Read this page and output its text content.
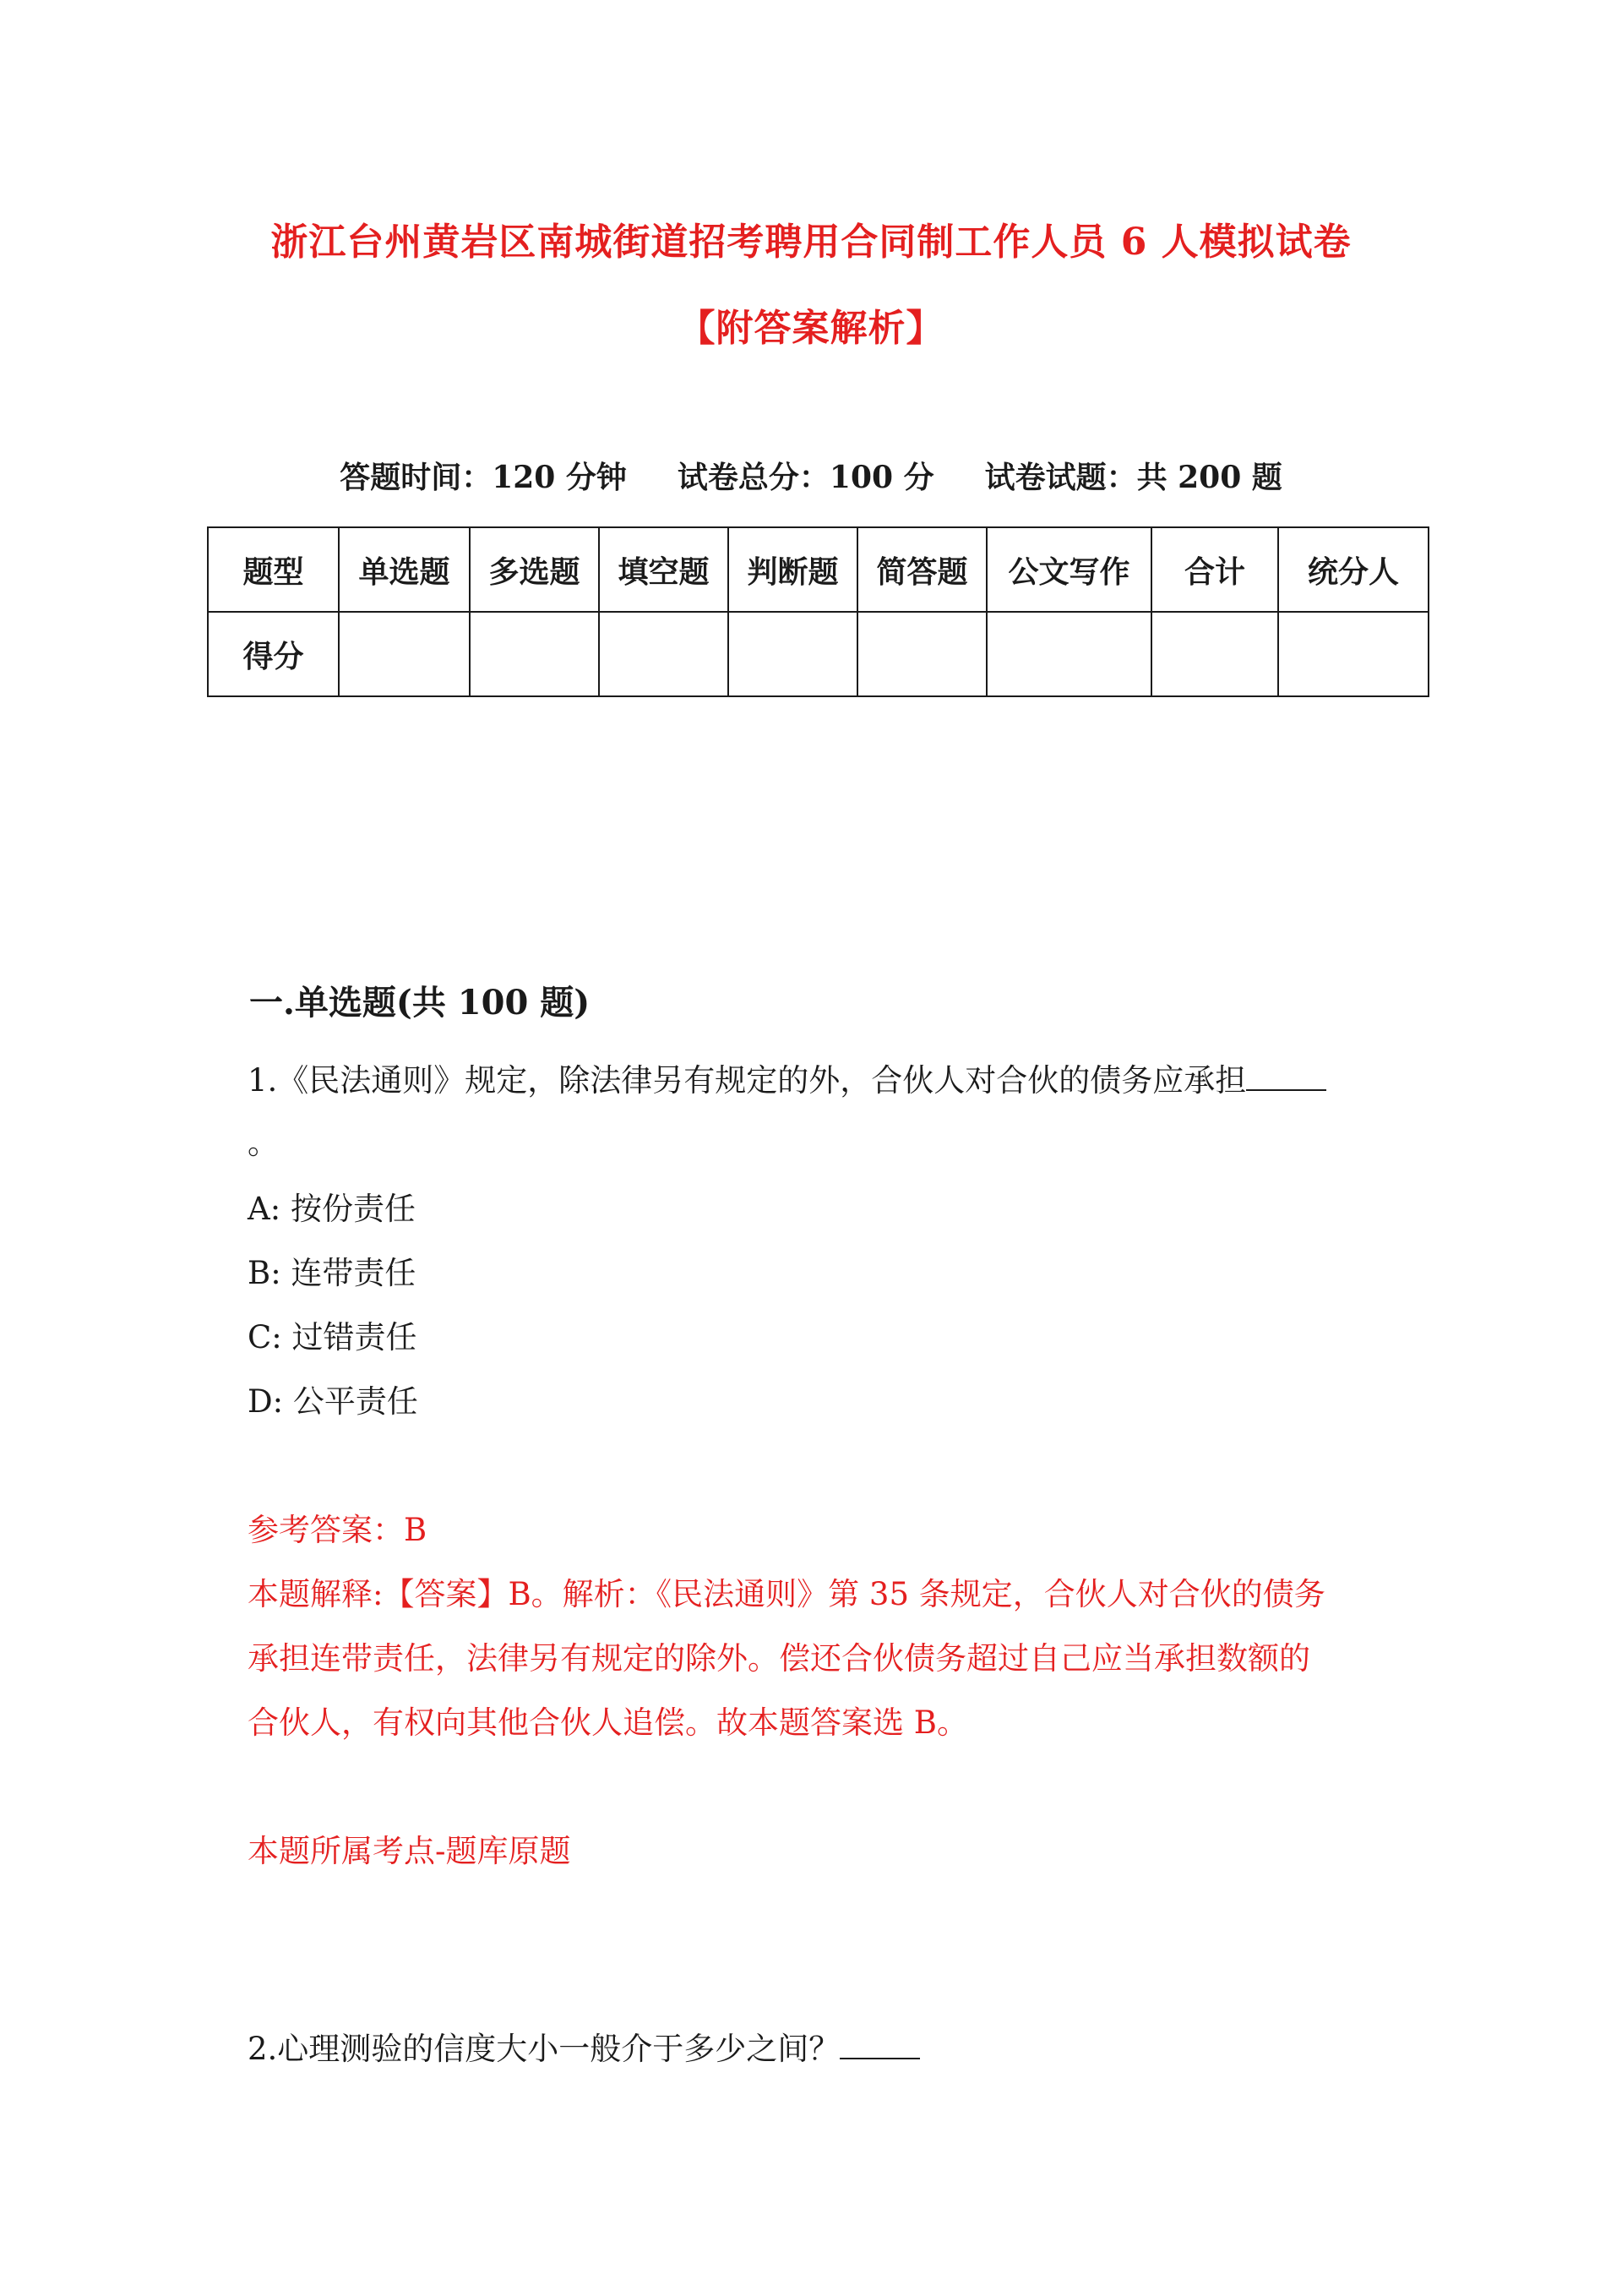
浙江台州黄岩区南城街道招考聘用合同制工作人员 6 人模拟试卷
【附答案解析】
答题时间：120 分钟 试卷总分：100 分 试卷试题：共 200 题
题型	单选题	多选题	填空题	判断题	简答题	公文写作	合计	统分人
得分								
一.单选题(共 100 题)
1.《民法通则》规定，除法律另有规定的外，合伙人对合伙的债务应承担
。
A: 按份责任
B: 连带责任
C: 过错责任
D: 公平责任
参考答案：B
本题解释:【答案】B。解析：《民法通则》第 35 条规定，合伙人对合伙的债务
承担连带责任，法律另有规定的除外。偿还合伙债务超过自己应当承担数额的
合伙人，有权向其他合伙人追偿。故本题答案选 B。
本题所属考点-题库原题
2.心理测验的信度大小一般介于多少之间？
